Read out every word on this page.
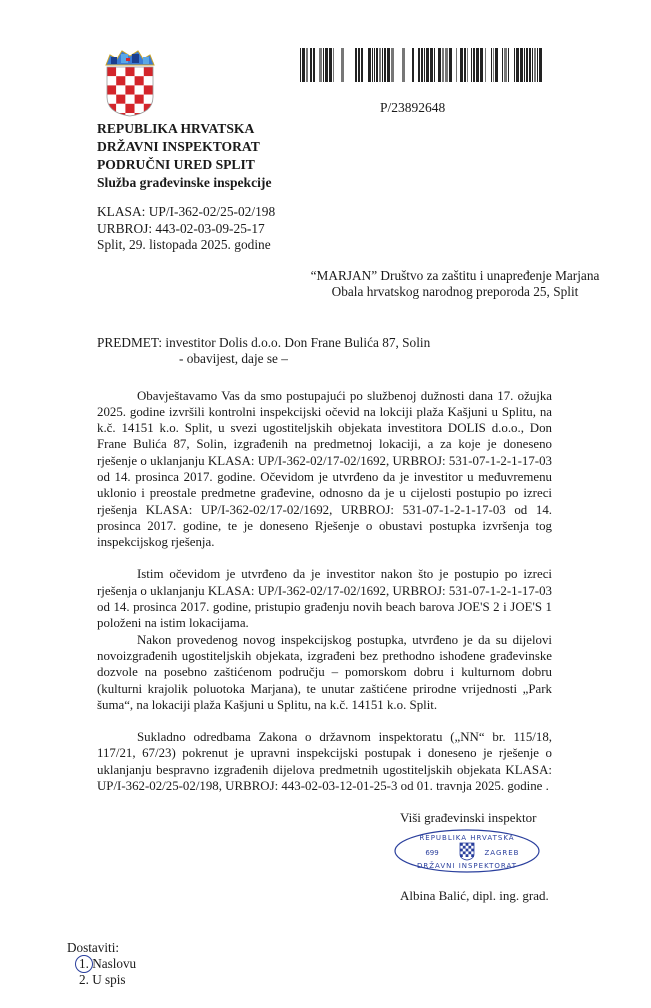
P/23892648
REPUBLIKA HRVATSKA
DRŽAVNI INSPEKTORAT
PODRUČNI URED SPLIT
Služba građevinske inspekcije
KLASA: UP/I-362-02/25-02/198
URBROJ: 443-02-03-09-25-17
Split, 29. listopada 2025. godine
“MARJAN” Društvo za zaštitu i unapređenje Marjana
Obala hrvatskog narodnog preporoda 25, Split
PREDMET: investitor Dolis d.o.o. Don Frane Bulića 87, Solin
- obavijest, daje se –

Obavještavamo Vas da smo postupajući po službenoj dužnosti dana 17. ožujka 2025. godine izvršili kontrolni inspekcijski očevid na lokciji plaža Kašjuni u Splitu, na k.č. 14151 k.o. Split, u svezi ugostiteljskih objekata investitora DOLIS d.o.o., Don Frane Bulića 87, Solin, izgrađenih na predmetnoj lokaciji, a za koje je doneseno rješenje o uklanjanju KLASA: UP/I-362-02/17-02/1692, URBROJ: 531-07-1-2-1-17-03 od 14. prosinca 2017. godine. Očevidom je utvrđeno da je investitor u međuvremenu uklonio i preostale predmetne građevine, odnosno da je u cijelosti postupio po izreci rješenja KLASA: UP/I-362-02/17-02/1692, URBROJ: 531-07-1-2-1-17-03 od 14. prosinca 2017. godine, te je doneseno Rješenje o obustavi postupka izvršenja tog inspekcijskog rješenja.

Istim očevidom je utvrđeno da je investitor nakon što je postupio po izreci rješenja o uklanjanju KLASA: UP/I-362-02/17-02/1692, URBROJ: 531-07-1-2-1-17-03 od 14. prosinca 2017. godine, pristupio građenju novih beach barova JOE'S 2 i JOE'S 1 položeni na istim lokacijama.

Nakon provedenog novog inspekcijskog postupka, utvrđeno je da su dijelovi novoizgrađenih ugostiteljskih objekata, izgrađeni bez prethodno ishođene građevinske dozvole na posebno zaštićenom području – pomorskom dobru i kulturnom dobru (kulturni krajolik poluotoka Marjana), te unutar zaštićene prirodne vrijednosti „Park šuma“, na lokaciji plaža Kašjuni u Splitu, na k.č. 14151 k.o. Split.

Sukladno odredbama Zakona o državnom inspektoratu („NN“ br. 115/18, 117/21, 67/23) pokrenut je upravni inspekcijski postupak i doneseno je rješenje o uklanjanju bespravno izgrađenih dijelova predmetnih ugostiteljskih objekata KLASA: UP/I-362-02/25-02/198, URBROJ: 443-02-03-12-01-25-3 od 01. travnja 2025. godine .

Viši građevinski inspektor
Albina Balić, dipl. ing. grad.
REPUBLIKA HRVATSKA
699	ZAGREB
DRŽAVNI INSPEKTORAT
Dostaviti:
1. Naslovu
2. U spis
